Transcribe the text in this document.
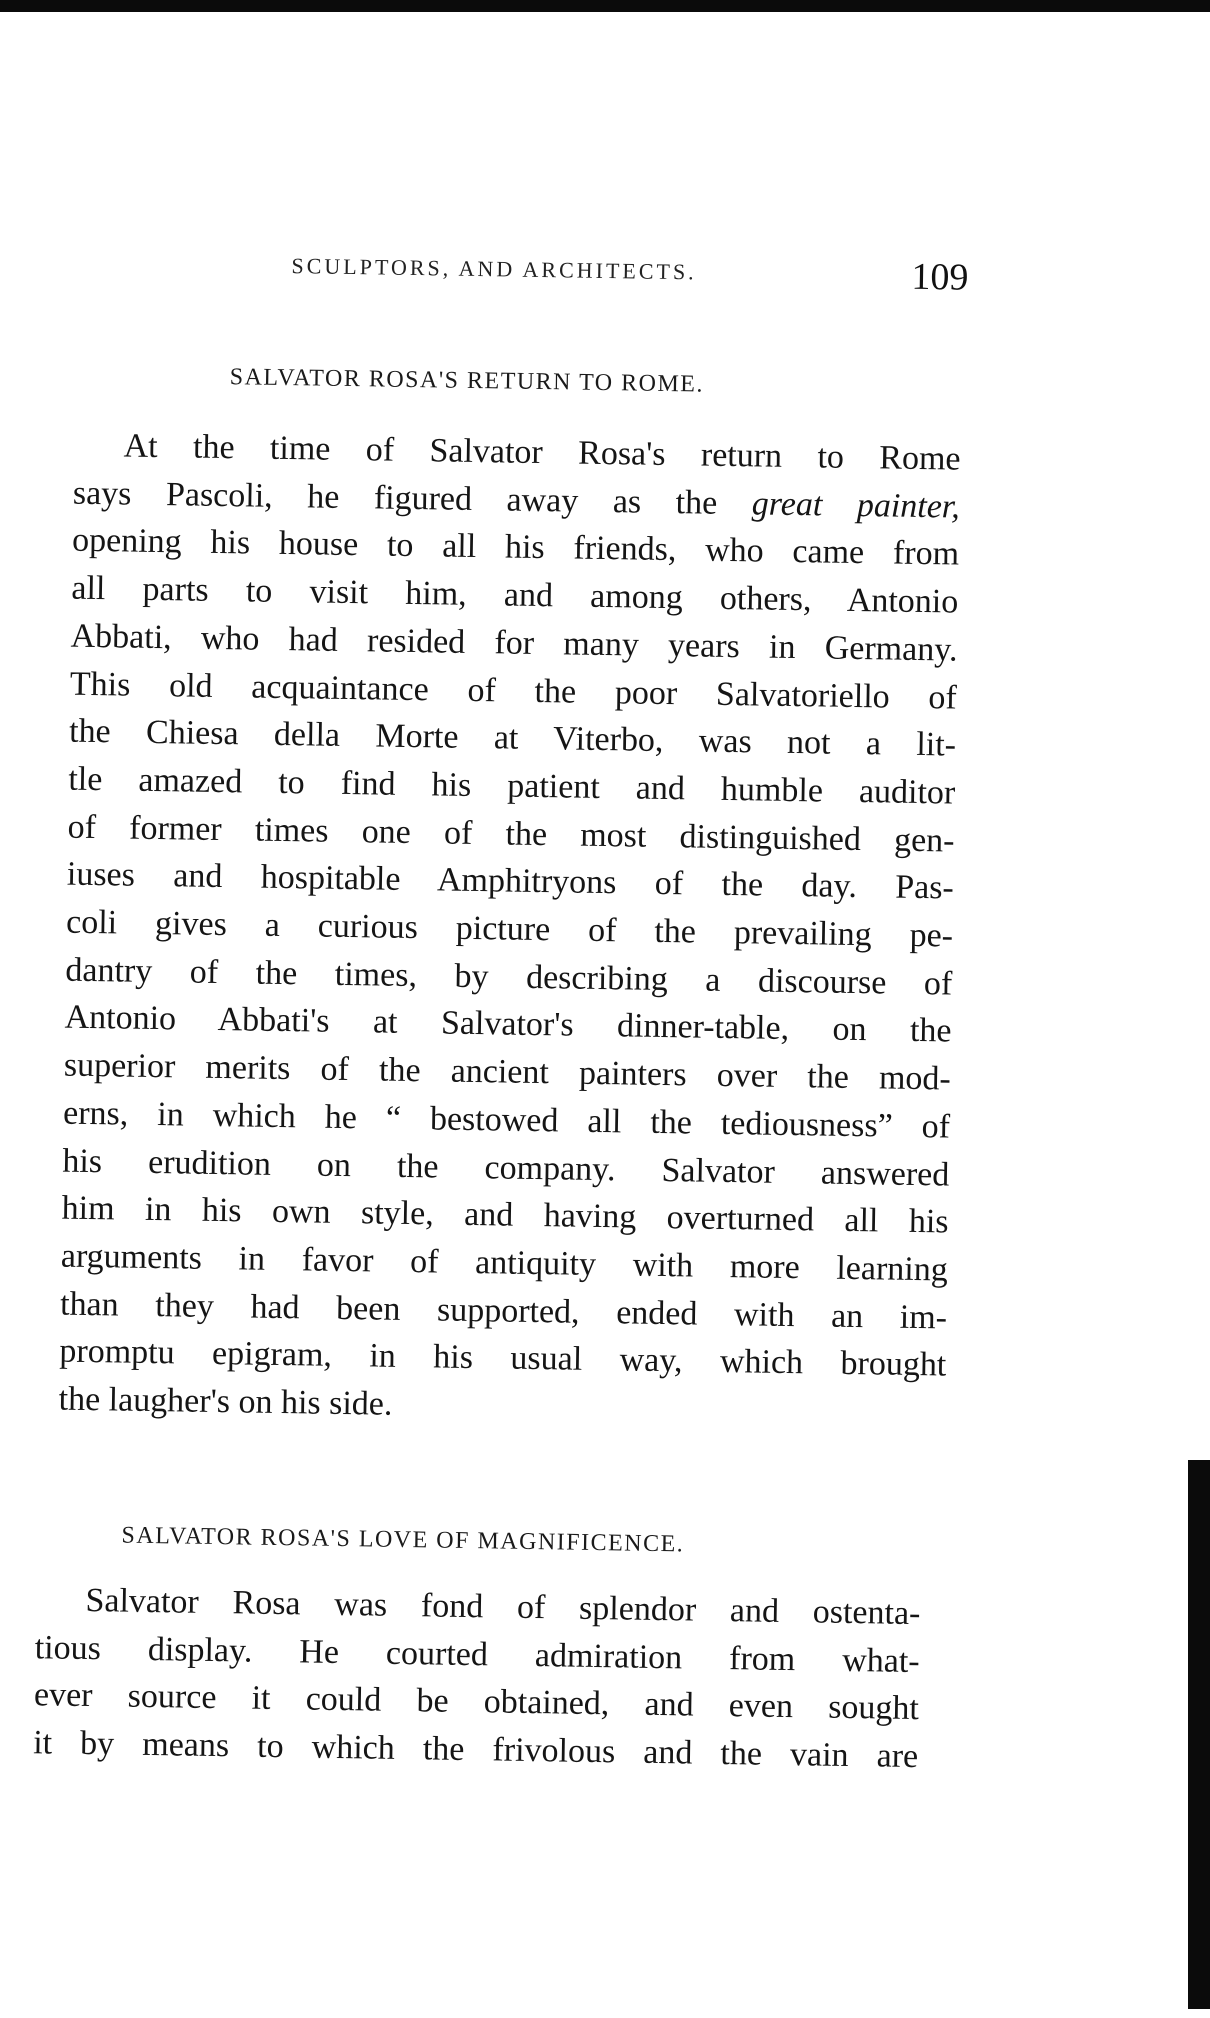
SCULPTORS, AND ARCHITECTS.	109
SALVATOR ROSA'S RETURN TO ROME.
At the time of Salvator Rosa's return to Rome
says Pascoli, he figured away as the great painter,
opening his house to all his friends, who came from
all parts to visit him, and among others, Antonio
Abbati, who had resided for many years in Germany.
This old acquaintance of the poor Salvatoriello of
the Chiesa della Morte at Viterbo, was not a lit-
tle amazed to find his patient and humble auditor
of former times one of the most distinguished gen-
iuses and hospitable Amphitryons of the day. Pas-
coli gives a curious picture of the prevailing pe-
dantry of the times, by describing a discourse of
Antonio Abbati's at Salvator's dinner-table, on the
superior merits of the ancient painters over the mod-
erns, in which he “ bestowed all the tediousness” of
his erudition on the company. Salvator answered
him in his own style, and having overturned all his
arguments in favor of antiquity with more learning
than they had been supported, ended with an im-
promptu epigram, in his usual way, which brought
the laugher's on his side.
SALVATOR ROSA'S LOVE OF MAGNIFICENCE.
Salvator Rosa was fond of splendor and ostenta-
tious display. He courted admiration from what-
ever source it could be obtained, and even sought
it by means to which the frivolous and the vain are
